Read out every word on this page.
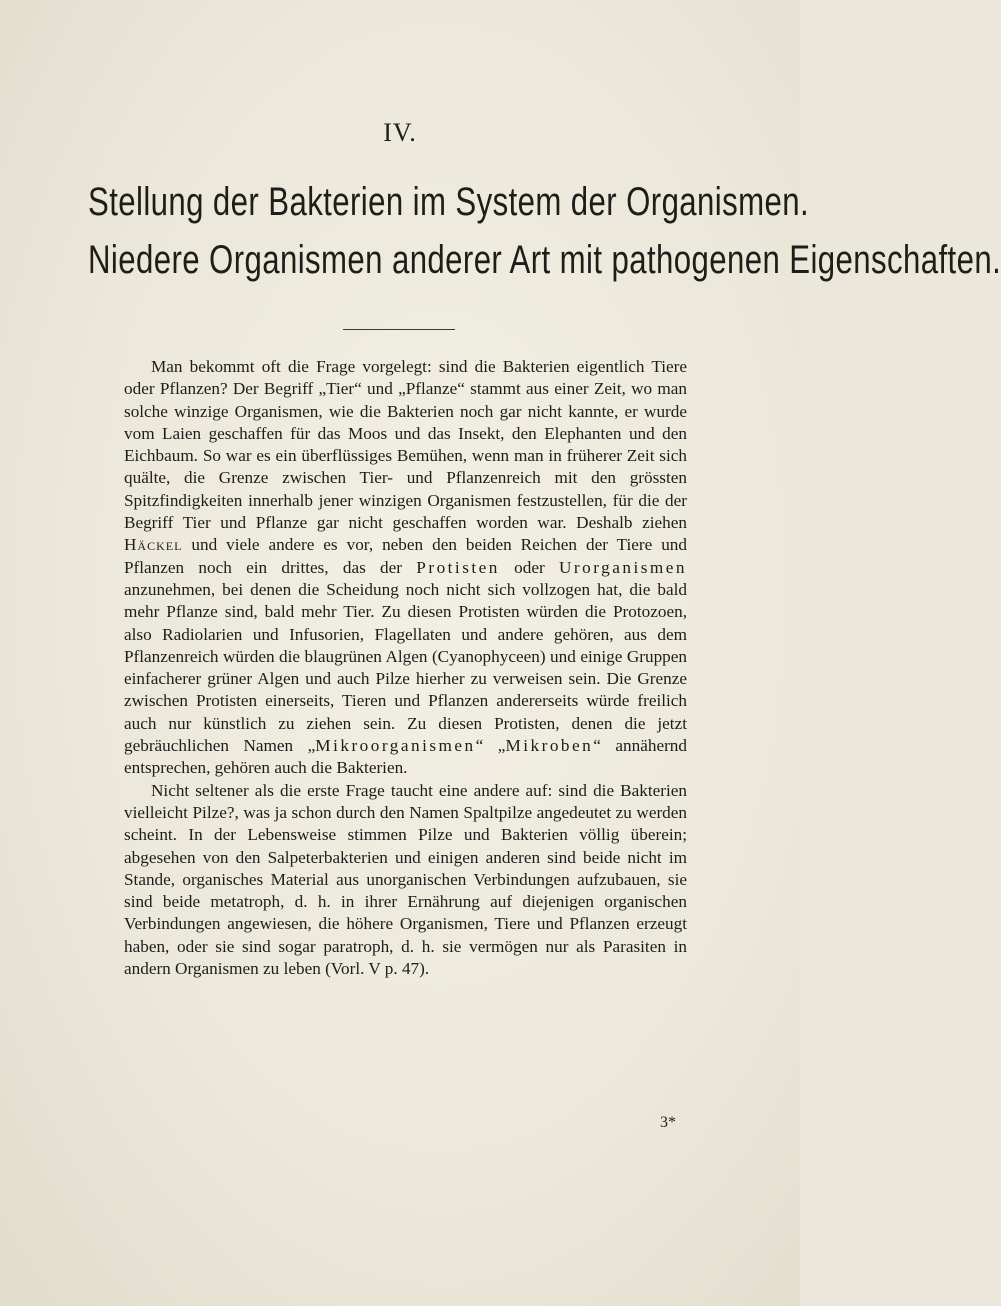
IV.
Stellung der Bakterien im System der Organismen.
Niedere Organismen anderer Art mit pathogenen Eigenschaften.

Man bekommt oft die Frage vorgelegt: sind die Bakterien eigentlich Tiere oder Pflanzen? Der Begriff „Tier“ und „Pflanze“ stammt aus einer Zeit, wo man solche winzige Organismen, wie die Bakterien noch gar nicht kannte, er wurde vom Laien geschaffen für das Moos und das Insekt, den Elephanten und den Eichbaum. So war es ein überflüssiges Bemühen, wenn man in früherer Zeit sich quälte, die Grenze zwischen Tier- und Pflanzenreich mit den grössten Spitzfindigkeiten innerhalb jener winzigen Organismen festzustellen, für die der Begriff Tier und Pflanze gar nicht geschaffen worden war. Deshalb ziehen Häckel und viele andere es vor, neben den beiden Reichen der Tiere und Pflanzen noch ein drittes, das der Protisten oder Urorganismen anzunehmen, bei denen die Scheidung noch nicht sich vollzogen hat, die bald mehr Pflanze sind, bald mehr Tier. Zu diesen Protisten würden die Protozoen, also Radiolarien und Infusorien, Flagellaten und andere gehören, aus dem Pflanzenreich würden die blaugrünen Algen (Cyanophyceen) und einige Gruppen einfacherer grüner Algen und auch Pilze hierher zu verweisen sein. Die Grenze zwischen Protisten einerseits, Tieren und Pflanzen andererseits würde freilich auch nur künstlich zu ziehen sein. Zu diesen Protisten, denen die jetzt gebräuchlichen Namen „Mikroorganismen“ „Mikroben“ annähernd entsprechen, gehören auch die Bakterien.

Nicht seltener als die erste Frage taucht eine andere auf: sind die Bakterien vielleicht Pilze?, was ja schon durch den Namen Spaltpilze angedeutet zu werden scheint. In der Lebensweise stimmen Pilze und Bakterien völlig überein; abgesehen von den Salpeterbakterien und einigen anderen sind beide nicht im Stande, organisches Material aus unorganischen Verbindungen aufzubauen, sie sind beide metatroph, d. h. in ihrer Ernährung auf diejenigen organischen Verbindungen angewiesen, die höhere Organismen, Tiere und Pflanzen erzeugt haben, oder sie sind sogar paratroph, d. h. sie vermögen nur als Parasiten in andern Organismen zu leben (Vorl. V p. 47).

3*
